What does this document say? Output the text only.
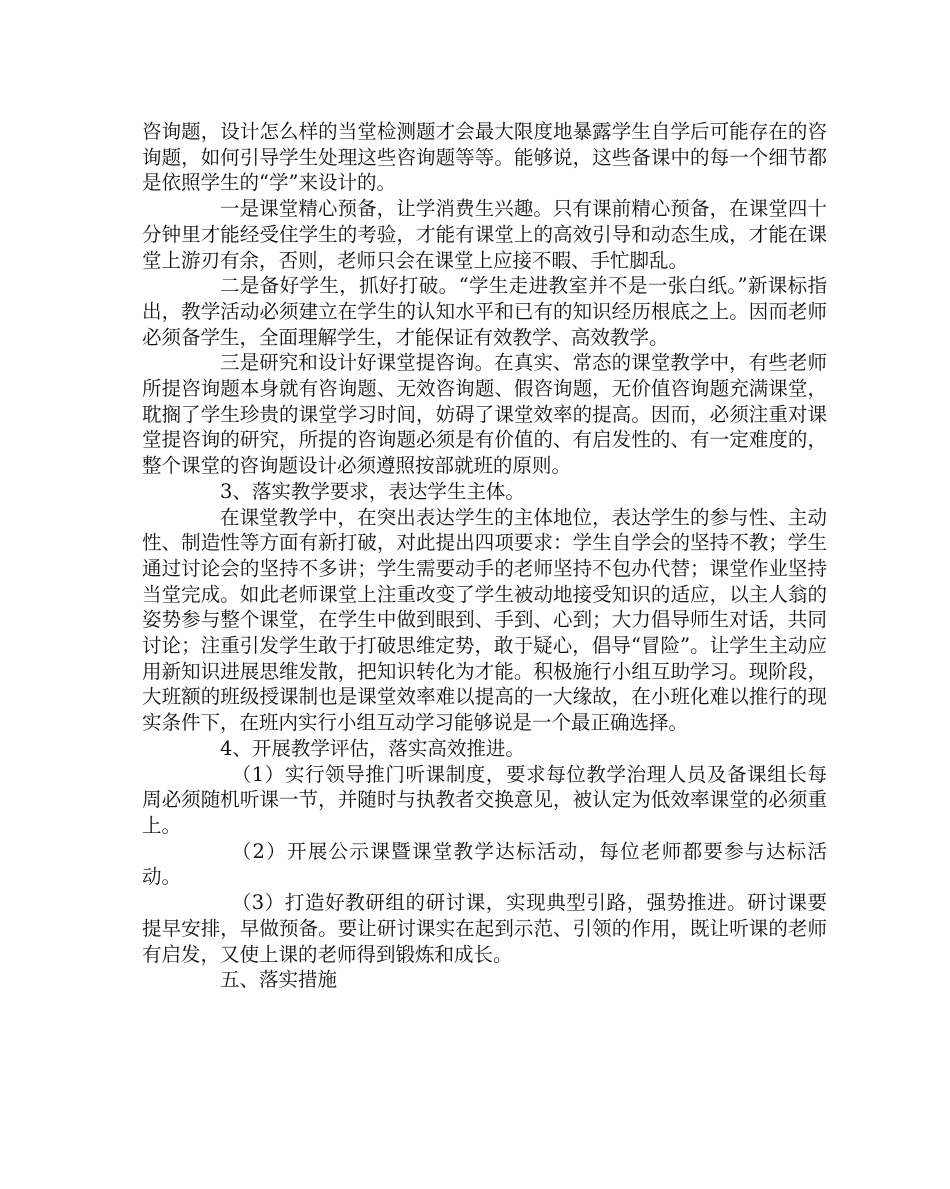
咨询题，设计怎么样的当堂检测题才会最大限度地暴露学生自学后可能存在的咨询题，如何引导学生处理这些咨询题等等。能够说，这些备课中的每一个细节都是依照学生的“学”来设计的。

一是课堂精心预备，让学消费生兴趣。只有课前精心预备，在课堂四十分钟里才能经受住学生的考验，才能有课堂上的高效引导和动态生成，才能在课堂上游刃有余，否则，老师只会在课堂上应接不暇、手忙脚乱。

二是备好学生，抓好打破。“学生走进教室并不是一张白纸。”新课标指出，教学活动必须建立在学生的认知水平和已有的知识经历根底之上。因而老师必须备学生，全面理解学生，才能保证有效教学、高效教学。

三是研究和设计好课堂提咨询。在真实、常态的课堂教学中，有些老师所提咨询题本身就有咨询题、无效咨询题、假咨询题，无价值咨询题充满课堂，耽搁了学生珍贵的课堂学习时间，妨碍了课堂效率的提高。因而，必须注重对课堂提咨询的研究，所提的咨询题必须是有价值的、有启发性的、有一定难度的，整个课堂的咨询题设计必须遵照按部就班的原则。

3、落实教学要求，表达学生主体。

在课堂教学中，在突出表达学生的主体地位，表达学生的参与性、主动性、制造性等方面有新打破，对此提出四项要求：学生自学会的坚持不教；学生通过讨论会的坚持不多讲；学生需要动手的老师坚持不包办代替；课堂作业坚持当堂完成。如此老师课堂上注重改变了学生被动地接受知识的适应，以主人翁的姿势参与整个课堂，在学生中做到眼到、手到、心到；大力倡导师生对话，共同讨论；注重引发学生敢于打破思维定势，敢于疑心，倡导“冒险”。让学生主动应用新知识进展思维发散，把知识转化为才能。积极施行小组互助学习。现阶段，大班额的班级授课制也是课堂效率难以提高的一大缘故，在小班化难以推行的现实条件下，在班内实行小组互动学习能够说是一个最正确选择。

4、开展教学评估，落实高效推进。

（1）实行领导推门听课制度，要求每位教学治理人员及备课组长每周必须随机听课一节，并随时与执教者交换意见，被认定为低效率课堂的必须重上。

（2）开展公示课暨课堂教学达标活动，每位老师都要参与达标活动。

（3）打造好教研组的研讨课，实现典型引路，强势推进。研讨课要提早安排，早做预备。要让研讨课实在起到示范、引领的作用，既让听课的老师有启发，又使上课的老师得到锻炼和成长。

五、落实措施
